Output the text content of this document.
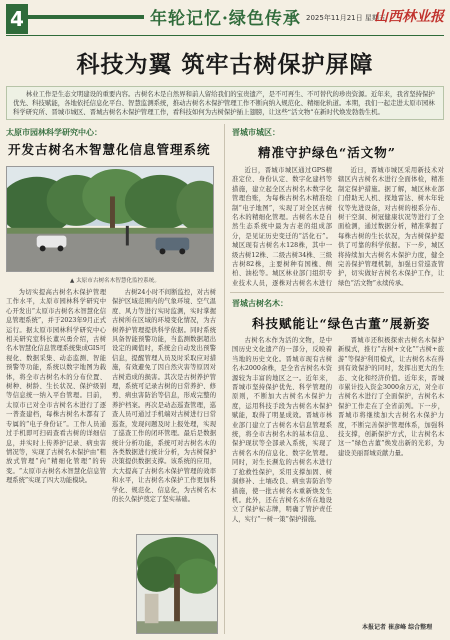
4	年轮记忆·绿色传承 2025年11月21日 星期五
山西林业报
科技为翼 筑牢古树保护屏障
林业工作是生态文明建设的重要内容。古树名木是自然界和前人留给我们的宝贵遗产，是不可再生、不可替代的珍贵资源。近年来，我省坚持保护优先、科技赋能，各地依托信息化平台、智慧监测系统，推动古树名木保护管理工作不断向纳入规范化、精细化轨道。本期，我们一起走进太原市园林科学研究所、晋城市城区、晋城古树名木保护管理工作，看科技如何为古树保护插上翅膀，让这些“活文物”在新时代焕发勃勃生机。
太原市园林科学研究中心：
开发古树名木智慧化信息管理系统
▲ 太原市古树名木智慧化监控系统。
为切实提高古树名木保护管理工作水平，太原市园林科学研究中心开发出“太原市古树名木智慧化信息管理系统”，并于2023年9月正式运行。据太原市园林科学研究中心相关研究室科长董兴勇介绍，古树名木智慧化信息管理系统集成GIS可视化、数据采集、动态监测、智能预警等功能，系统以数字地图为载体，将全市古树名木的分布位置、树种、树龄、生长状况、保护级别等信息统一纳入平台管理。目前，太原市已对全市古树名木进行了逐一普查建档，每株古树名木都有了专属的“电子身份证”。工作人员通过手机即可扫码查看古树的详细信息，并实时上传养护记录、病虫害情况等，实现了古树名木保护由“粗放式管理”向“精细化管理”的转变。“太原市古树名木智慧化信息管理系统”实现了四大功能模块。
古树24小时不间断监控，对古树保护区域范围内的气象环境、空气温度、风力等进行实时监测，实时掌握古树所在区域的环境变化情况，为古树养护管理提供科学依据。同时系统具备智能预警功能，当监测数据超出设定的阈值时，系统会自动发出预警信息，提醒管理人员及时采取应对措施，有效避免了因自然灾害等原因对古树造成的损害。其次是古树养护管理，系统可记录古树的日常养护、修剪、病虫害防治等信息，形成完整的养护档案。再次是动态巡查管理，巡查人员可通过手机端对古树进行日常巡查，发现问题及时上报处理，实现了巡查工作的闭环管理。最后是数据统计分析功能，系统可对古树名木的各类数据进行统计分析，为古树保护决策提供数据支撑。该系统的应用，大大提高了古树名木保护管理的效率和水平，让古树名木保护工作更加科学化、规范化、信息化，为古树名木的长久保护奠定了坚实基础。
晋城市城区：
精准守护绿色“活文物”
近日，晋城市城区通过GPS精准定位、身份认定、数字化建档等措施，建立起全区古树名木数字化管理台账，为每株古树名木精准绘制“电子地图”，实现了对全区古树名木的精细化管理。古树名木是自然生态系统中最为古老的组成部分，是见证历史变迁的“活化石”。城区现有古树名木128株，其中一级古树12株、二级古树34株、三级古树82株，主要树种有国槐、侧柏、油松等。城区林业部门组织专业技术人员，逐株对古树名木进行
近日，晋城市城区采用新技术对辖区内古树名木进行全面体检，精准制定保护措施。据了解，城区林业部门借助无人机、探地雷达、树木年轮仪等先进设备，对古树的根系分布、树干空洞、树冠健康状况等进行了全面检测，通过数据分析，精准掌握了每株古树的生长状况，为古树保护提供了可靠的科学依据。下一步，城区将持续加大古树名木保护力度，健全完善保护管理机制，加强日常巡查管护，切实做好古树名木保护工作，让绿色“活文物”永续传承。
晋城古树名木：
科技赋能让“绿色古董”展新姿
古树名木作为活的文物，是中国历史文化遗产的一部分，反映着当地的历史文化。晋城市现有古树名木2000余株，是全省古树名木资源较为丰富的地区之一。近年来，晋城市坚持保护优先、科学管理的原则，不断加大古树名木保护力度，运用科技手段为古树名木保护赋能，取得了明显成效。晋城市林业部门建立了古树名木信息管理系统，将全市古树名木的基本信息、保护现状等全部录入系统，实现了古树名木的信息化、数字化管理。同时，对生长濒危的古树名木进行了抢救性保护，采用支撑加固、树洞修补、土壤改良、病虫害防治等措施，使一批古树名木重新焕发生机。此外，还在古树名木所在地设立了保护标志牌，明确了管护责任人，实行“一树一策”保护措施。
晋城市还积极探索古树名木保护新模式，推行“古树+文化”“古树+旅游”等保护利用模式，让古树名木在得到有效保护的同时，发挥出更大的生态、文化和经济价值。近年来，晋城市累计投入资金3000余万元，对全市古树名木进行了全面保护，古树名木保护工作走在了全省前列。下一步，晋城市将继续加大古树名木保护力度，不断完善保护管理体系，加强科技支撑，创新保护方式，让古树名木这一“绿色古董”焕发出新的光彩，为建设美丽晋城贡献力量。
本报记者 崔彦峰 综合整理
